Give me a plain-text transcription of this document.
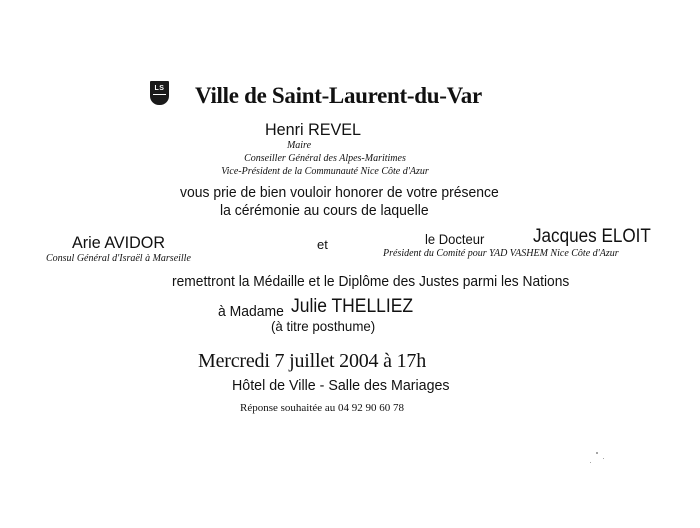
LS Ville de Saint-Laurent-du-Var
Henri REVEL
Maire
Conseiller Général des Alpes-Maritimes
Vice-Président de la Communauté Nice Côte d'Azur
vous prie de bien vouloir honorer de votre présence
la cérémonie au cours de laquelle
Arie AVIDOR
Consul Général d'Israël à Marseille
et	le Docteur	Jacques ELOIT
Président du Comité pour YAD VASHEM Nice Côte d'Azur
remettront la Médaille et le Diplôme des Justes parmi les Nations
à Madame Julie THELLIEZ
(à titre posthume)
Mercredi 7 juillet 2004 à 17h
Hôtel de Ville - Salle des Mariages
Réponse souhaitée au 04 92 90 60 78
